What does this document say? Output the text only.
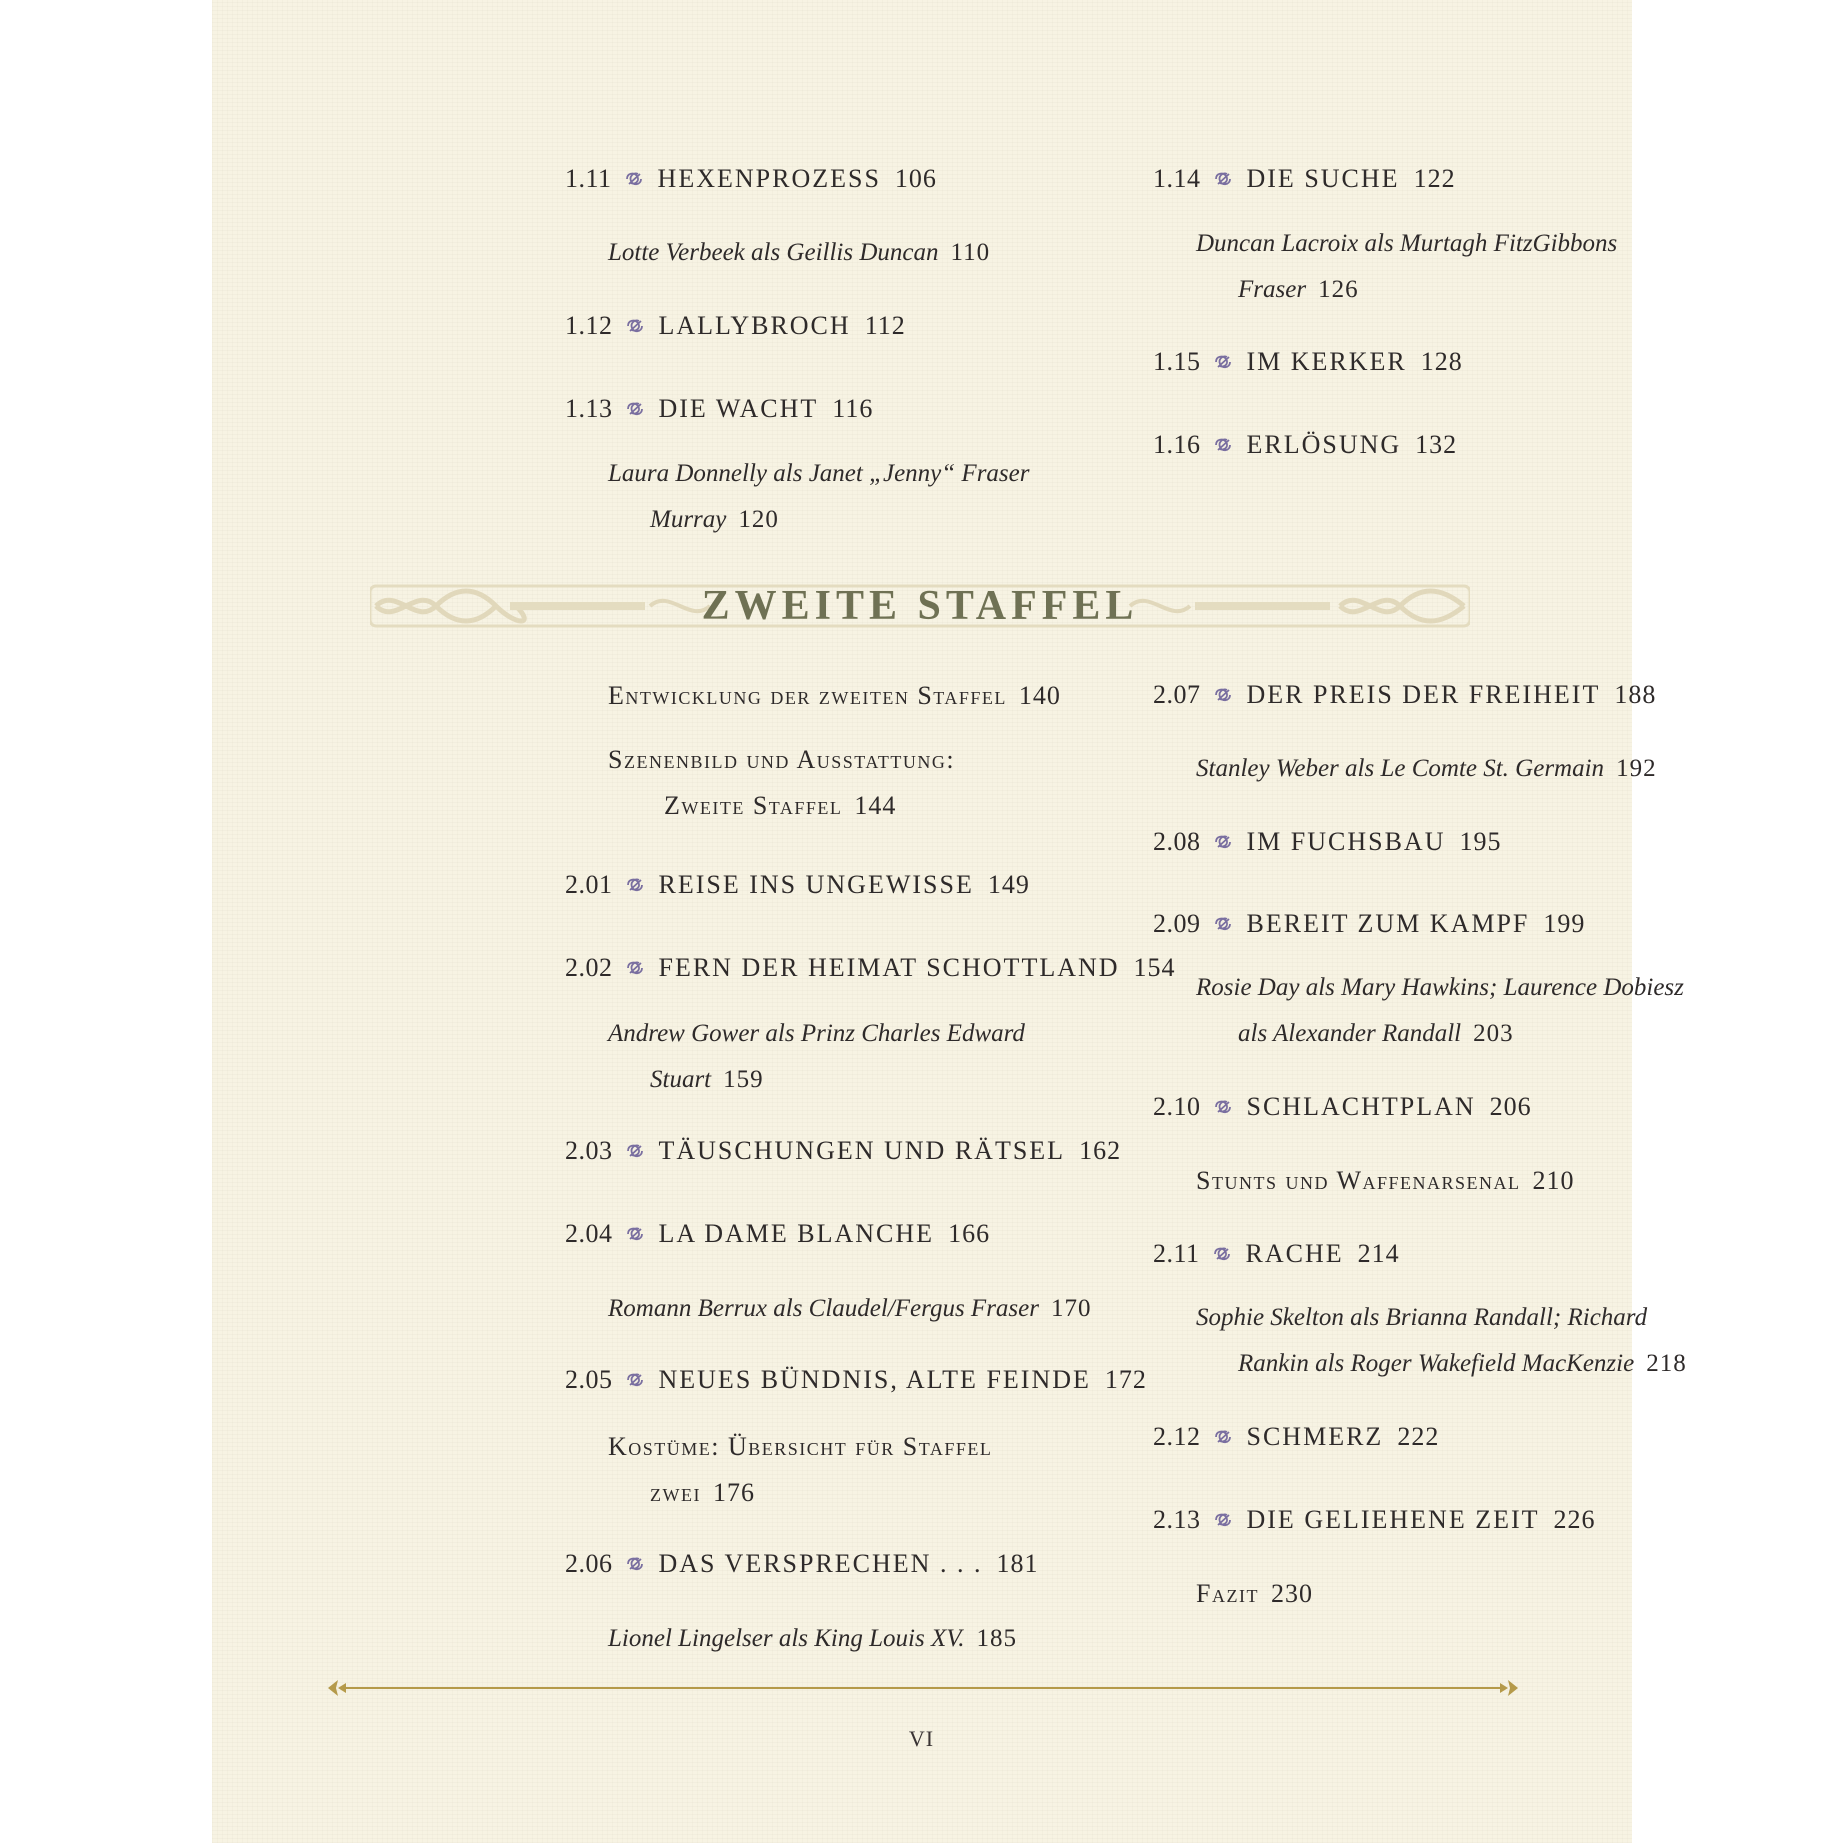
1.11 HEXENPROZESS 106
Lotte Verbeek als Geillis Duncan 110
1.12 LALLYBROCH 112
1.13 DIE WACHT 116
Laura Donnelly als Janet „Jenny“ Fraser
Murray 120
Entwicklung der zweiten Staffel 140
Szenenbild und Ausstattung:
Zweite Staffel 144
2.01 REISE INS UNGEWISSE 149
2.02 FERN DER HEIMAT SCHOTTLAND 154
Andrew Gower als Prinz Charles Edward
Stuart 159
2.03 TÄUSCHUNGEN UND RÄTSEL 162
2.04 LA DAME BLANCHE 166
Romann Berrux als Claudel/Fergus Fraser 170
2.05 NEUES BÜNDNIS, ALTE FEINDE 172
Kostüme: Übersicht für Staffel
zwei 176
2.06 DAS VERSPRECHEN . . . 181
Lionel Lingelser als King Louis XV. 185
1.14 DIE SUCHE 122
Duncan Lacroix als Murtagh FitzGibbons
Fraser 126
1.15 IM KERKER 128
1.16 ERLÖSUNG 132
2.07 DER PREIS DER FREIHEIT 188
Stanley Weber als Le Comte St. Germain 192
2.08 IM FUCHSBAU 195
2.09 BEREIT ZUM KAMPF 199
Rosie Day als Mary Hawkins; Laurence Dobiesz
als Alexander Randall 203
2.10 SCHLACHTPLAN 206
Stunts und Waffenarsenal 210
2.11 RACHE 214
Sophie Skelton als Brianna Randall; Richard
Rankin als Roger Wakefield MacKenzie 218
2.12 SCHMERZ 222
2.13 DIE GELIEHENE ZEIT 226
Fazit 230
ZWEITE STAFFEL
VI
